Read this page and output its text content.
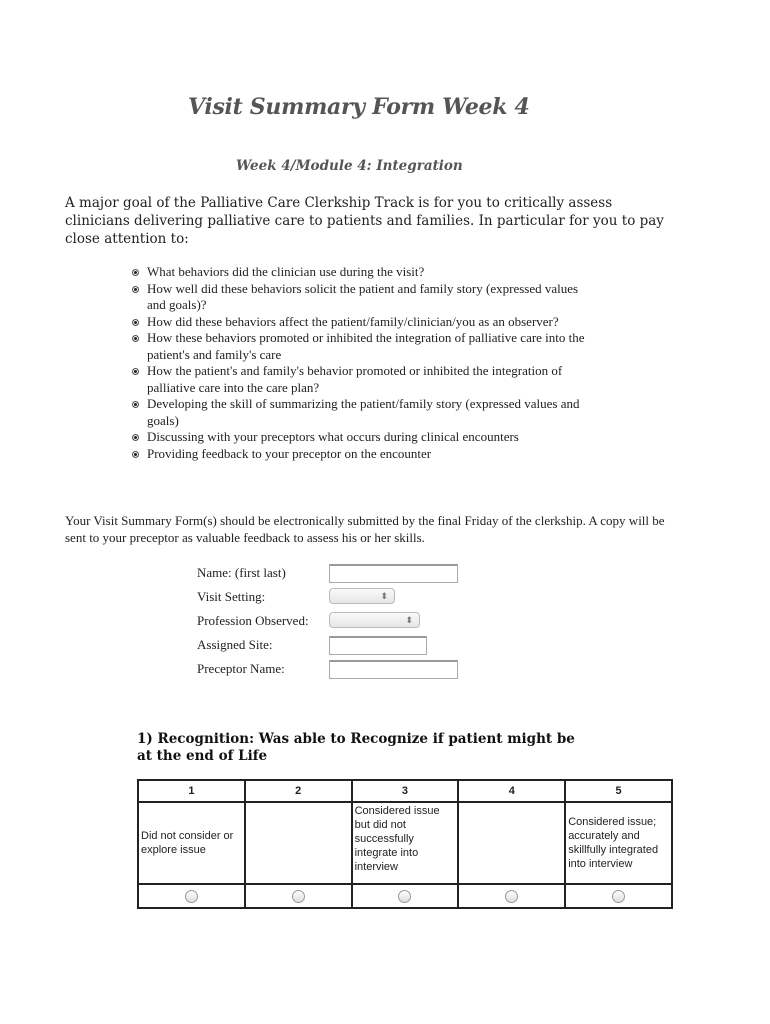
Visit Summary Form Week 4
Week 4/Module 4: Integration
A major goal of the Palliative Care Clerkship Track is for you to critically assess clinicians delivering palliative care to patients and families. In particular for you to pay close attention to:
What behaviors did the clinician use during the visit?
How well did these behaviors solicit the patient and family story (expressed values and goals)?
How did these behaviors affect the patient/family/clinician/you as an observer?
How these behaviors promoted or inhibited the integration of palliative care into the patient's and family's care
How the patient's and family's behavior promoted or inhibited the integration of palliative care into the care plan?
Developing the skill of summarizing the patient/family story (expressed values and goals)
Discussing with your preceptors what occurs during clinical encounters
Providing feedback to your preceptor on the encounter
Your Visit Summary Form(s) should be electronically submitted by the final Friday of the clerkship. A copy will be sent to your preceptor as valuable feedback to assess his or her skills.
Name: (first last)
Visit Setting:	⬍
Profession Observed:	⬍
Assigned Site:
Preceptor Name:
1) Recognition: Was able to Recognize if patient might be at the end of Life
1	2	3	4	5
Did not consider or explore issue		Considered issue but did not successfully integrate into interview		Considered issue; accurately and skillfully integrated into interview
